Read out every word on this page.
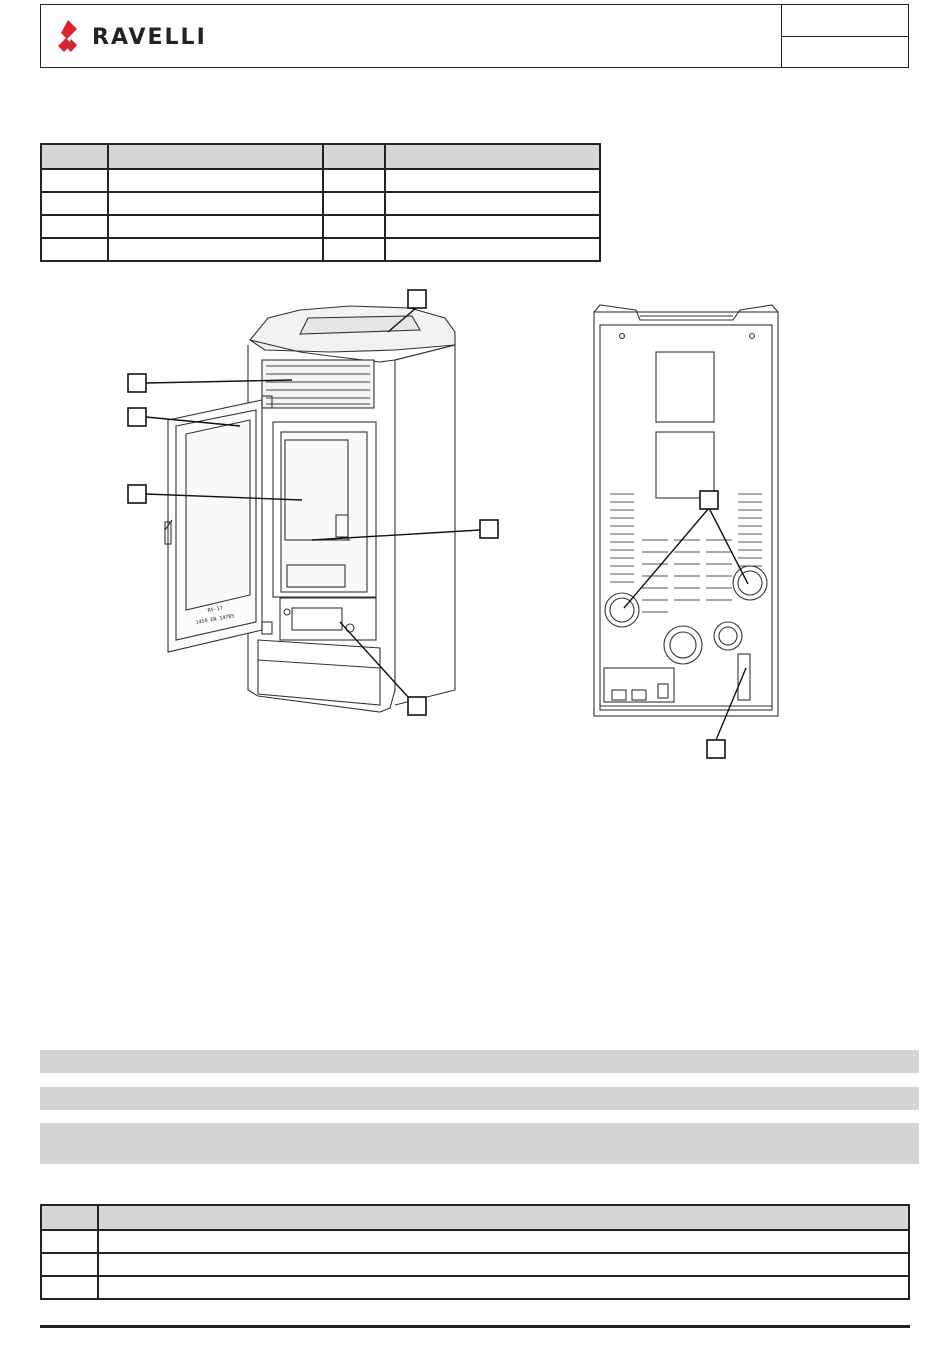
RAVELLI

RV-17
1458 EN 14785
